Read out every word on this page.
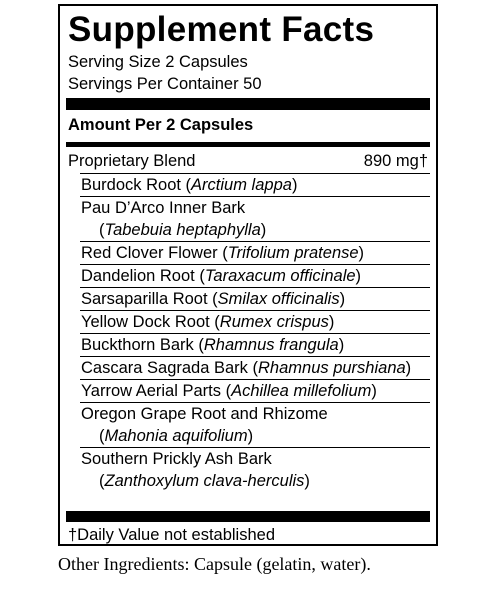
Supplement Facts
Serving Size 2 Capsules
Servings Per Container 50
Amount Per 2 Capsules
Proprietary Blend	890 mg†
Burdock Root (Arctium lappa)
Pau D’Arco Inner Bark
(Tabebuia heptaphylla)
Red Clover Flower (Trifolium pratense)
Dandelion Root (Taraxacum officinale)
Sarsaparilla Root (Smilax officinalis)
Yellow Dock Root (Rumex crispus)
Buckthorn Bark (Rhamnus frangula)
Cascara Sagrada Bark (Rhamnus purshiana)
Yarrow Aerial Parts (Achillea millefolium)
Oregon Grape Root and Rhizome
(Mahonia aquifolium)
Southern Prickly Ash Bark
(Zanthoxylum clava-herculis)
†Daily Value not established
Other Ingredients: Capsule (gelatin, water).
